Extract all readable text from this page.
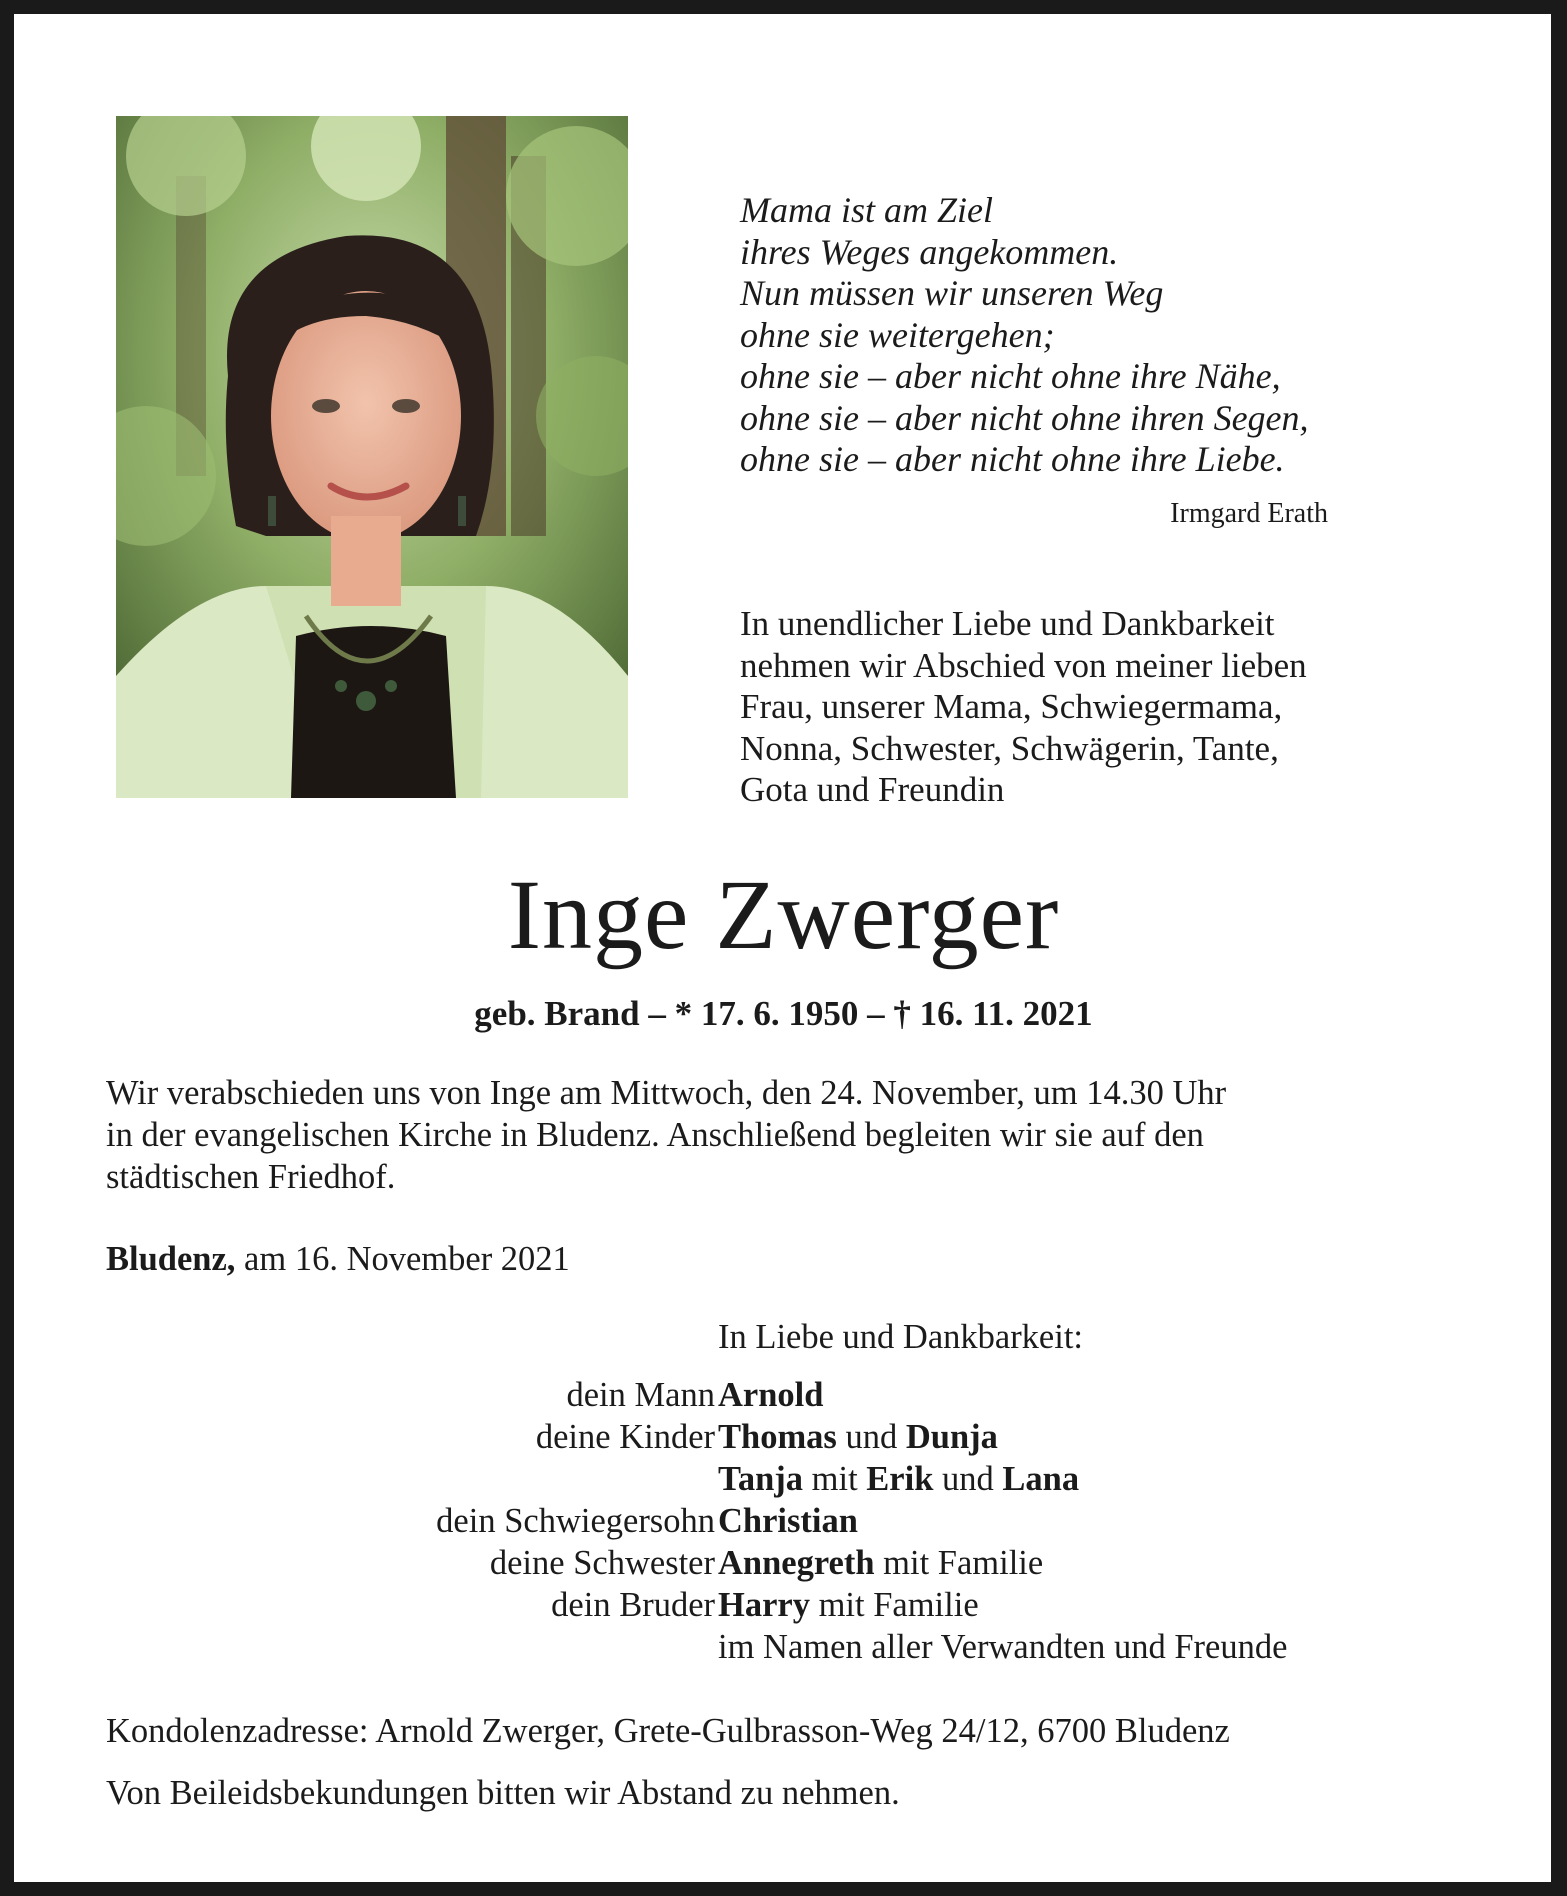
Mama ist am Ziel
ihres Weges angekommen.
Nun müssen wir unseren Weg
ohne sie weitergehen;
ohne sie – aber nicht ohne ihre Nähe,
ohne sie – aber nicht ohne ihren Segen,
ohne sie – aber nicht ohne ihre Liebe.
Irmgard Erath
In unendlicher Liebe und Dankbarkeit
nehmen wir Abschied von meiner lieben
Frau, unserer Mama, Schwiegermama,
Nonna, Schwester, Schwägerin, Tante,
Gota und Freundin
Inge Zwerger
geb. Brand – * 17. 6. 1950 – † 16. 11. 2021
Wir verabschieden uns von Inge am Mittwoch, den 24. November, um 14.30 Uhr
in der evangelischen Kirche in Bludenz. Anschließend begleiten wir sie auf den
städtischen Friedhof.
Bludenz, am 16. November 2021
In Liebe und Dankbarkeit:
dein Mann Arnold
deine Kinder Thomas und Dunja
Tanja mit Erik und Lana
dein Schwiegersohn Christian
deine Schwester Annegreth mit Familie
dein Bruder Harry mit Familie
im Namen aller Verwandten und Freunde
Kondolenzadresse: Arnold Zwerger, Grete-Gulbrasson-Weg 24/12, 6700 Bludenz
Von Beileidsbekundungen bitten wir Abstand zu nehmen.
